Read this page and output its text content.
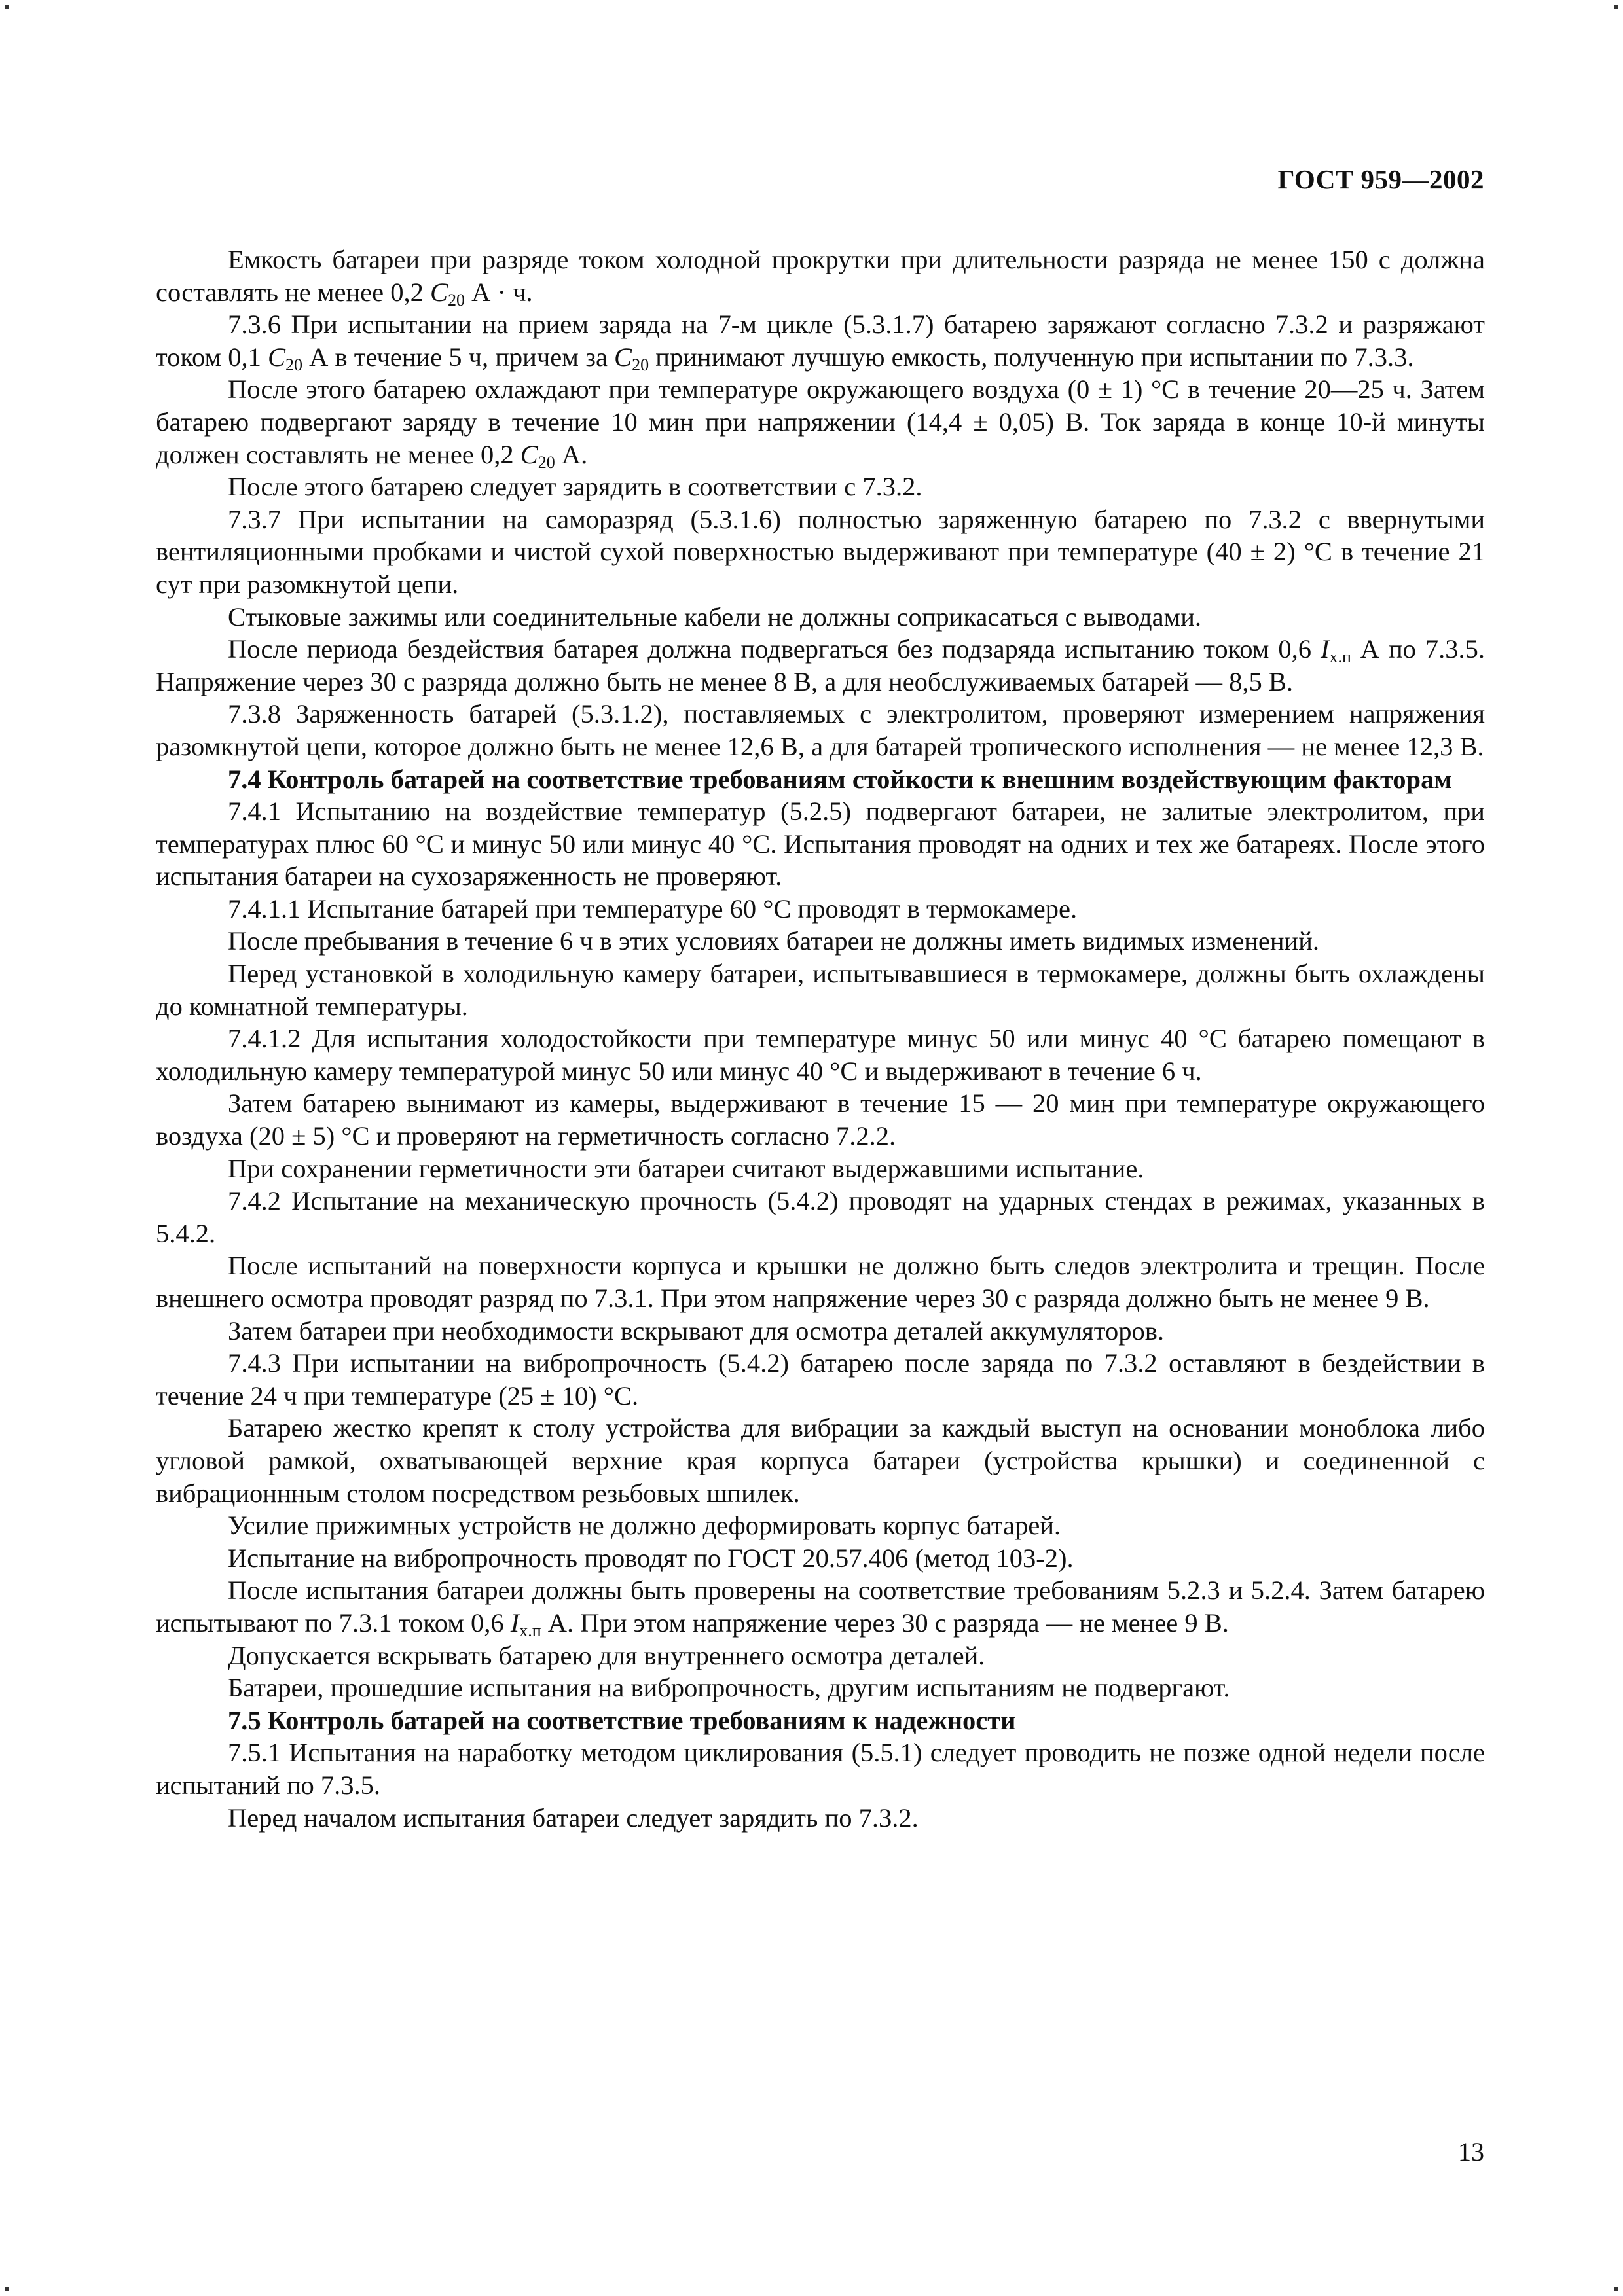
ГОСТ 959—2002

Емкость батареи при разряде током холодной прокрутки при длительности разряда не менее 150 с должна составлять не менее 0,2 $C_{20}$ А · ч.

7.3.6 При испытании на прием заряда на 7-м цикле (5.3.1.7) батарею заряжают согласно 7.3.2 и разряжают током 0,1 $C_{20}$ А в течение 5 ч, причем за $C_{20}$ принимают лучшую емкость, полученную при испытании по 7.3.3.

После этого батарею охлаждают при температуре окружающего воздуха (0 ± 1) °С в течение 20—25 ч. Затем батарею подвергают заряду в течение 10 мин при напряжении (14,4 ± 0,05) В. Ток заряда в конце 10-й минуты должен составлять не менее 0,2 $C_{20}$ А.

После этого батарею следует зарядить в соответствии с 7.3.2.

7.3.7 При испытании на саморазряд (5.3.1.6) полностью заряженную батарею по 7.3.2 с ввернутыми вентиляционными пробками и чистой сухой поверхностью выдерживают при температуре (40 ± 2) °С в течение 21 сут при разомкнутой цепи.

Стыковые зажимы или соединительные кабели не должны соприкасаться с выводами.

После периода бездействия батарея должна подвергаться без подзаряда испытанию током 0,6 $I_{х.п}$ А по 7.3.5. Напряжение через 30 с разряда должно быть не менее 8 В, а для необслуживаемых батарей — 8,5 В.

7.3.8 Заряженность батарей (5.3.1.2), поставляемых с электролитом, проверяют измерением напряжения разомкнутой цепи, которое должно быть не менее 12,6 В, а для батарей тропического исполнения — не менее 12,3 В.

7.4 Контроль батарей на соответствие требованиям стойкости к внешним воздействующим факторам

7.4.1 Испытанию на воздействие температур (5.2.5) подвергают батареи, не залитые электролитом, при температурах плюс 60 °С и минус 50 или минус 40 °С. Испытания проводят на одних и тех же батареях. После этого испытания батареи на сухозаряженность не проверяют.

7.4.1.1 Испытание батарей при температуре 60 °С проводят в термокамере.

После пребывания в течение 6 ч в этих условиях батареи не должны иметь видимых изменений.

Перед установкой в холодильную камеру батареи, испытывавшиеся в термокамере, должны быть охлаждены до комнатной температуры.

7.4.1.2 Для испытания холодостойкости при температуре минус 50 или минус 40 °С батарею помещают в холодильную камеру температурой минус 50 или минус 40 °С и выдерживают в течение 6 ч.

Затем батарею вынимают из камеры, выдерживают в течение 15 — 20 мин при температуре окружающего воздуха (20 ± 5) °С и проверяют на герметичность согласно 7.2.2.

При сохранении герметичности эти батареи считают выдержавшими испытание.

7.4.2 Испытание на механическую прочность (5.4.2) проводят на ударных стендах в режимах, указанных в 5.4.2.

После испытаний на поверхности корпуса и крышки не должно быть следов электролита и трещин. После внешнего осмотра проводят разряд по 7.3.1. При этом напряжение через 30 с разряда должно быть не менее 9 В.

Затем батареи при необходимости вскрывают для осмотра деталей аккумуляторов.

7.4.3 При испытании на вибропрочность (5.4.2) батарею после заряда по 7.3.2 оставляют в бездействии в течение 24 ч при температуре (25 ± 10) °С.

Батарею жестко крепят к столу устройства для вибрации за каждый выступ на основании моноблока либо угловой рамкой, охватывающей верхние края корпуса батареи (устройства крышки) и соединенной с вибрационнным столом посредством резьбовых шпилек.

Усилие прижимных устройств не должно деформировать корпус батарей.

Испытание на вибропрочность проводят по ГОСТ 20.57.406 (метод 103-2).

После испытания батареи должны быть проверены на соответствие требованиям 5.2.3 и 5.2.4. Затем батарею испытывают по 7.3.1 током 0,6 $I_{х.п}$ А. При этом напряжение через 30 с разряда — не менее 9 В.

Допускается вскрывать батарею для внутреннего осмотра деталей.

Батареи, прошедшие испытания на вибропрочность, другим испытаниям не подвергают.

7.5 Контроль батарей на соответствие требованиям к надежности

7.5.1 Испытания на наработку методом циклирования (5.5.1) следует проводить не позже одной недели после испытаний по 7.3.5.

Перед началом испытания батареи следует зарядить по 7.3.2.

13
